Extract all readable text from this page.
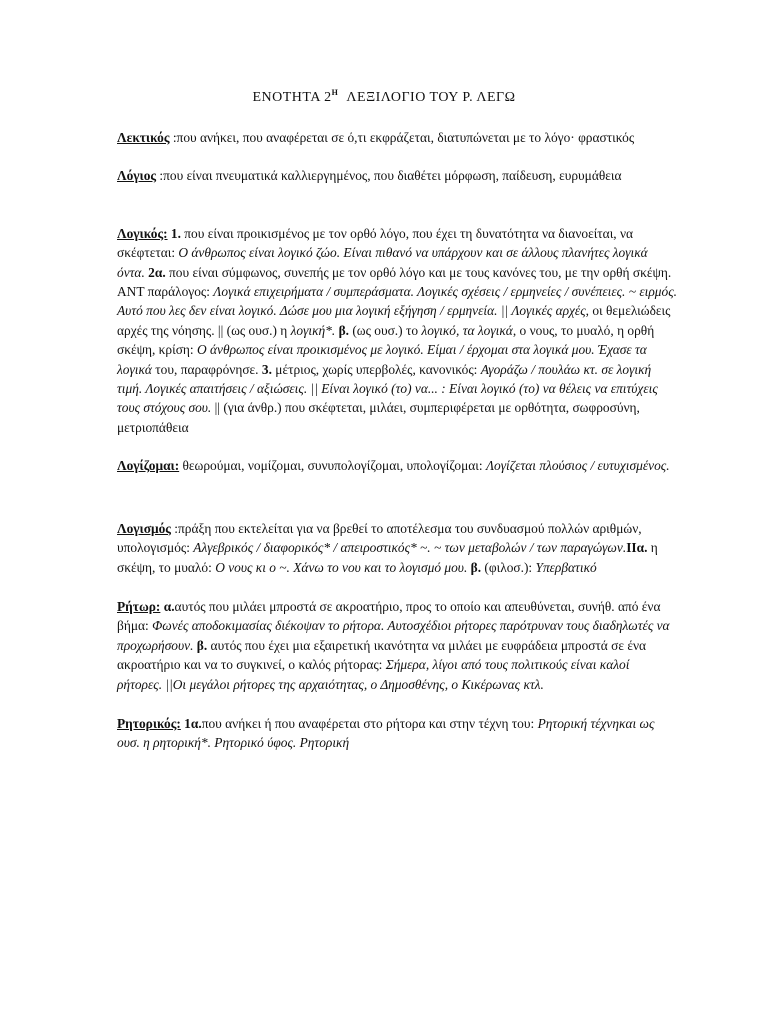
ΕΝΟΤΗΤΑ $2^H$ ΛΕΞΙΛΟΓΙΟ ΤΟΥ Ρ. ΛΕΓΩ

Λεκτικός :που ανήκει, που αναφέρεται σε ό,τι εκφράζεται, διατυπώνεται με το λόγο· φραστικός

Λόγιος :που είναι πνευματικά καλλιεργημένος, που διαθέτει μόρφωση, παίδευση, ευρυμάθεια

Λογικός: 1. που είναι προικισμένος με τον ορθό λόγο, που έχει τη δυνατότητα να διανοείται, να σκέφτεται: Ο άνθρωπος είναι λογικό ζώο. Είναι πιθανό να υπάρχουν και σε άλλους πλανήτες λογικά όντα. 2α. που είναι σύμφωνος, συνεπής με τον ορθό λόγο και με τους κανόνες του, με την ορθή σκέψη. ΑΝΤ παράλογος: Λογικά επιχειρήματα / συμπεράσματα. Λογικές σχέσεις / ερμηνείες / συνέπειες. ~ ειρμός. Αυτό που λες δεν είναι λογικό. Δώσε μου μια λογική εξήγηση / ερμηνεία. || Λογικές αρχές, οι θεμελιώδεις αρχές της νόησης. || (ως ουσ.) η λογική*. β. (ως ουσ.) το λογικό, τα λογικά, ο νους, το μυαλό, η ορθή σκέψη, κρίση: Ο άνθρωπος είναι προικισμένος με λογικό. Είμαι / έρχομαι στα λογικά μου. Έχασε τα λογικά του, παραφρόνησε. 3. μέτριος, χωρίς υπερβολές, κανονικός: Αγοράζω / πουλάω κτ. σε λογική τιμή. Λογικές απαιτήσεις / αξιώσεις. || Είναι λογικό (το) να... : Είναι λογικό (το) να θέλεις να επιτύχεις τους στόχους σου. || (για άνθρ.) που σκέφτεται, μιλάει, συμπεριφέρεται με ορθότητα, σωφροσύνη, μετριοπάθεια

Λογίζομαι: θεωρούμαι, νομίζομαι, συνυπολογίζομαι, υπολογίζομαι: Λογίζεται πλούσιος / ευτυχισμένος.

Λογισμός :πράξη που εκτελείται για να βρεθεί το αποτέλεσμα του συνδυασμού πολλών αριθμών, υπολογισμός: Αλγεβρικός / διαφορικός* / απειροστικός* ~. ~ των μεταβολών / των παραγώγων.ΙΙα. η σκέψη, το μυαλό: Ο νους κι ο ~. Χάνω το νου και το λογισμό μου. β. (φιλοσ.): Υπερβατικό

Ρήτωρ: α.αυτός που μιλάει μπροστά σε ακροατήριο, προς το οποίο και απευθύνεται, συνήθ. από ένα βήμα: Φωνές αποδοκιμασίας διέκοψαν το ρήτορα. Αυτοσχέδιοι ρήτορες παρότρυναν τους διαδηλωτές να προχωρήσουν. β. αυτός που έχει μια εξαιρετική ικανότητα να μιλάει με ευφράδεια μπροστά σε ένα ακροατήριο και να το συγκινεί, ο καλός ρήτορας: Σήμερα, λίγοι από τους πολιτικούς είναι καλοί ρήτορες. ||Οι μεγάλοι ρήτορες της αρχαιότητας, ο Δημοσθένης, ο Κικέρωνας κτλ.

Ρητορικός: 1α.που ανήκει ή που αναφέρεται στο ρήτορα και στην τέχνη του: Ρητορική τέχνηκαι ως ουσ. η ρητορική*. Ρητορικό ύφος. Ρητορική
